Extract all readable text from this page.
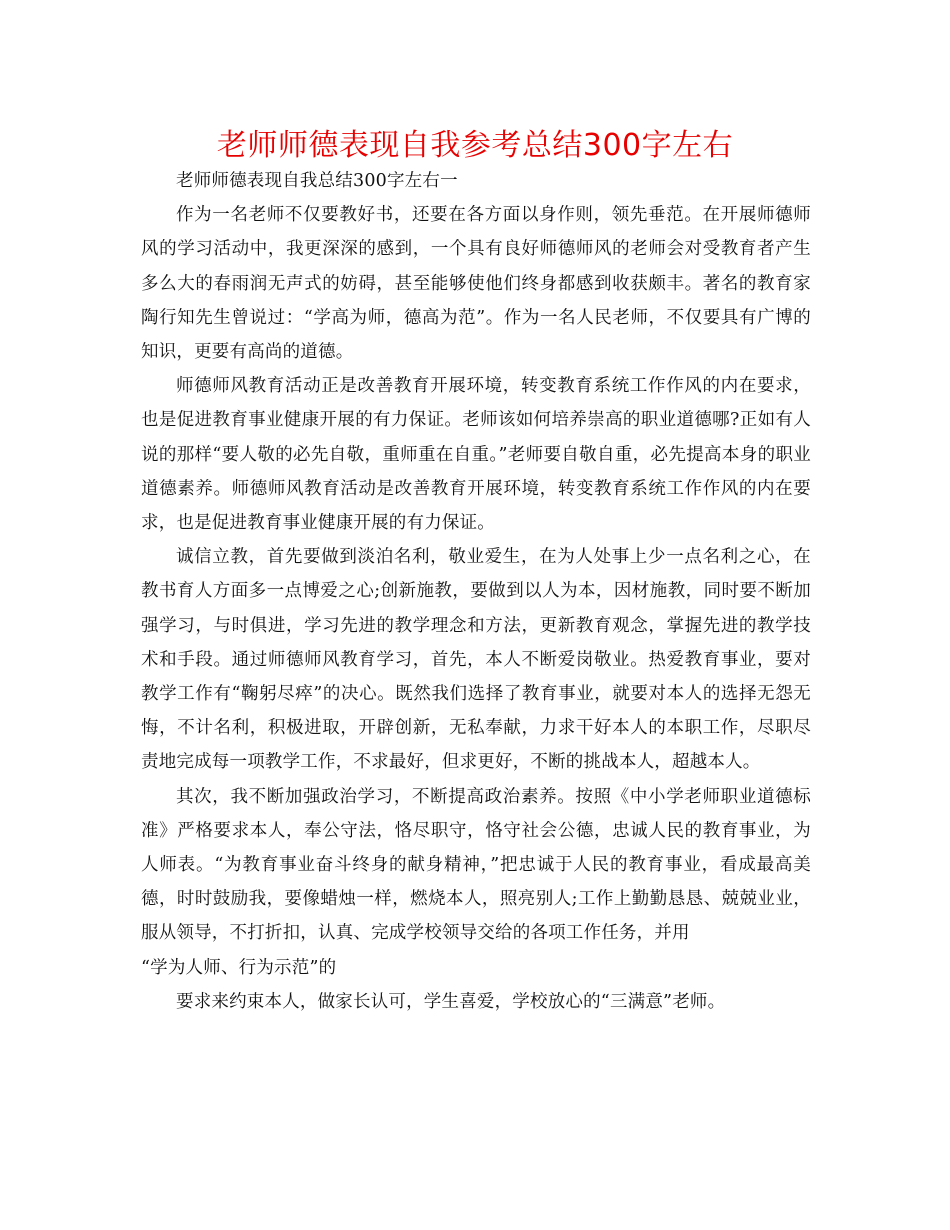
老师师德表现自我参考总结300字左右

老师师德表现自我总结300字左右一

作为一名老师不仅要教好书，还要在各方面以身作则，领先垂范。在开展师德师风的学习活动中，我更深深的感到，一个具有良好师德师风的老师会对受教育者产生多么大的春雨润无声式的妨碍，甚至能够使他们终身都感到收获颇丰。著名的教育家陶行知先生曾说过：“学高为师，德高为范”。作为一名人民老师，不仅要具有广博的知识，更要有高尚的道德。

师德师风教育活动正是改善教育开展环境，转变教育系统工作作风的内在要求，也是促进教育事业健康开展的有力保证。老师该如何培养崇高的职业道德哪?正如有人说的那样“要人敬的必先自敬，重师重在自重。”老师要自敬自重，必先提高本身的职业道德素养。师德师风教育活动是改善教育开展环境，转变教育系统工作作风的内在要求，也是促进教育事业健康开展的有力保证。

诚信立教，首先要做到淡泊名利，敬业爱生，在为人处事上少一点名利之心，在教书育人方面多一点博爱之心;创新施教，要做到以人为本，因材施教，同时要不断加强学习，与时俱进，学习先进的教学理念和方法，更新教育观念，掌握先进的教学技术和手段。通过师德师风教育学习，首先，本人不断爱岗敬业。热爱教育事业，要对教学工作有“鞠躬尽瘁”的决心。既然我们选择了教育事业，就要对本人的选择无怨无悔，不计名利，积极进取，开辟创新，无私奉献，力求干好本人的本职工作，尽职尽责地完成每一项教学工作，不求最好，但求更好，不断的挑战本人，超越本人。

其次，我不断加强政治学习，不断提高政治素养。按照《中小学老师职业道德标准》严格要求本人，奉公守法，恪尽职守，恪守社会公德，忠诚人民的教育事业，为人师表。“为教育事业奋斗终身的献身精神，”把忠诚于人民的教育事业，看成最高美德，时时鼓励我，要像蜡烛一样，燃烧本人，照亮别人;工作上勤勤恳恳、兢兢业业，服从领导，不打折扣，认真、完成学校领导交给的各项工作任务，并用

“学为人师、行为示范”的

要求来约束本人，做家长认可，学生喜爱，学校放心的“三满意”老师。
